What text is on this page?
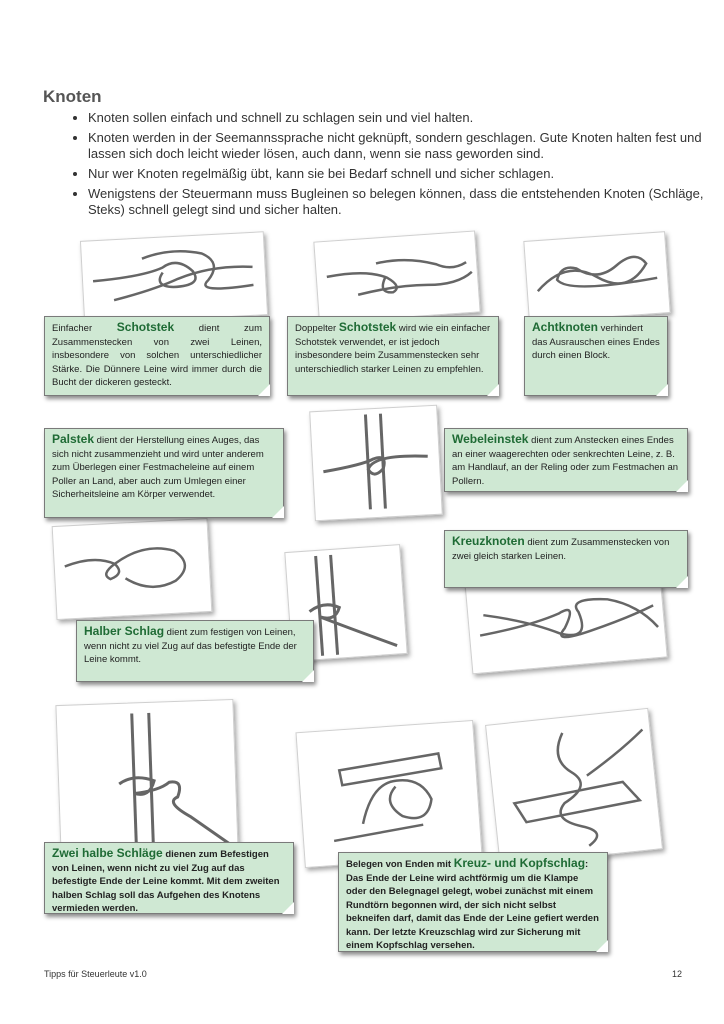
Knoten
• Knoten sollen einfach und schnell zu schlagen sein und viel halten.
• Knoten werden in der Seemannssprache nicht geknüpft, sondern geschlagen. Gute Knoten halten fest und lassen sich doch leicht wieder lösen, auch dann, wenn sie nass geworden sind.
• Nur wer Knoten regelmäßig übt, kann sie bei Bedarf schnell und sicher schlagen.
• Wenigstens der Steuermann muss Bugleinen so belegen können, dass die entstehenden Knoten (Schläge, Steks) schnell gelegt sind und sicher halten.
Einfacher Schotstek dient zum Zusammenstecken von zwei Leinen, insbesondere von solchen unterschiedlicher Stärke. Die Dünnere Leine wird immer durch die Bucht der dickeren gesteckt.
Doppelter Schotstek wird wie ein einfacher Schotstek verwendet, er ist jedoch insbesondere beim Zusammenstecken sehr unterschiedlich starker Leinen zu empfehlen.
Achtknoten verhindert das Ausrauschen eines Endes durch einen Block.
Palstek dient der Herstellung eines Auges, das sich nicht zusammenzieht und wird unter anderem zum Überlegen einer Festmacheleine auf einem Poller an Land, aber auch zum Umlegen einer Sicherheitsleine am Körper verwendet.
Webeleinstek dient zum Anstecken eines Endes an einer waagerechten oder senkrechten Leine, z. B. am Handlauf, an der Reling oder zum Festmachen an Pollern.
Kreuzknoten dient zum Zusammenstecken von zwei gleich starken Leinen.
Halber Schlag dient zum festigen von Leinen, wenn nicht zu viel Zug auf das befestigte Ende der Leine kommt.
Zwei halbe Schläge dienen zum Befestigen von Leinen, wenn nicht zu viel Zug auf das befestigte Ende der Leine kommt. Mit dem zweiten halben Schlag soll das Aufgehen des Knotens vermieden werden.
Belegen von Enden mit Kreuz- und Kopfschlag:
Das Ende der Leine wird achtförmig um die Klampe oder den Belegnagel gelegt, wobei zunächst mit einem Rundtörn begonnen wird, der sich nicht selbst bekneifen darf, damit das Ende der Leine gefiert werden kann. Der letzte Kreuzschlag wird zur Sicherung mit einem Kopfschlag versehen.
Tipps für Steuerleute v1.0	12
